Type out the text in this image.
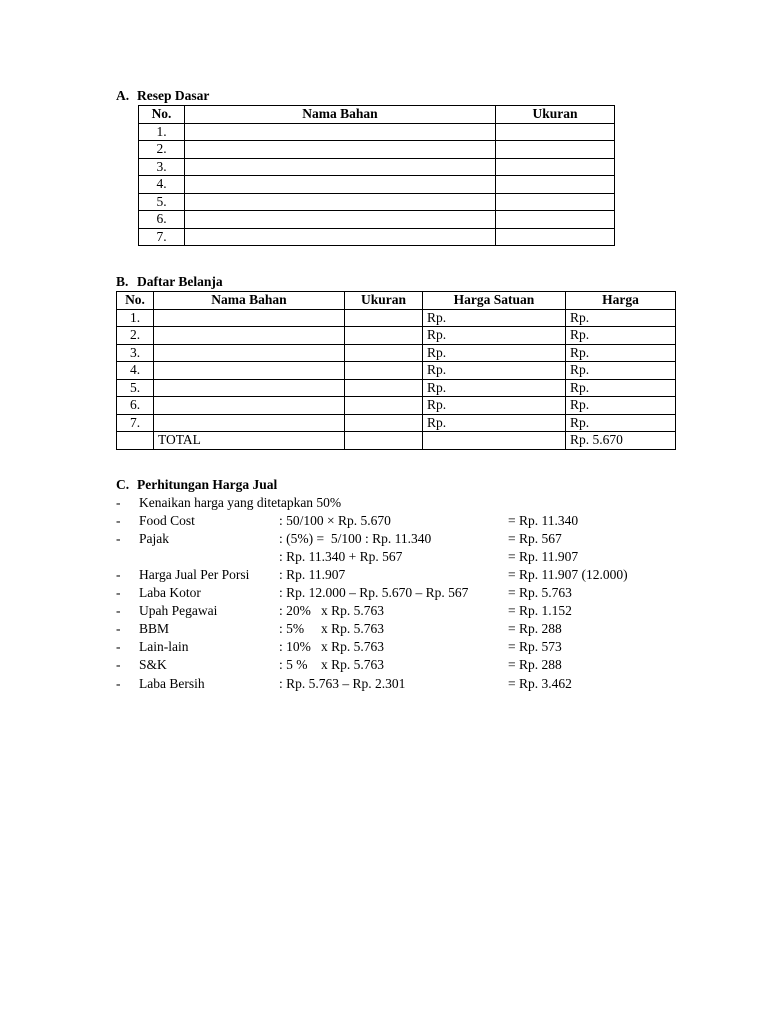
A. Resep Dasar
No.	Nama Bahan	Ukuran
1.		
2.		
3.		
4.		
5.		
6.		
7.		
B. Daftar Belanja
No.	Nama Bahan	Ukuran	Harga Satuan	Harga
1.			Rp.	Rp.
2.			Rp.	Rp.
3.			Rp.	Rp.
4.			Rp.	Rp.
5.			Rp.	Rp.
6.			Rp.	Rp.
7.			Rp.	Rp.
	TOTAL			Rp. 5.670
C. Perhitungan Harga Jual
- Kenaikan harga yang ditetapkan 50%
- Food Cost	: 50/100 × Rp. 5.670	= Rp. 11.340
- Pajak	: (5%) =  5/100 : Rp. 11.340	= Rp. 567
: Rp. 11.340 + Rp. 567	= Rp. 11.907
- Harga Jual Per Porsi : Rp. 11.907	= Rp. 11.907 (12.000)
- Laba Kotor	: Rp. 12.000 – Rp. 5.670 – Rp. 567	= Rp. 5.763
- Upah Pegawai	: 20%   x Rp. 5.763	= Rp. 1.152
- BBM	: 5%     x Rp. 5.763	= Rp. 288
- Lain-lain	: 10%   x Rp. 5.763	= Rp. 573
- S&K	: 5 %    x Rp. 5.763	= Rp. 288
- Laba Bersih	: Rp. 5.763 – Rp. 2.301	= Rp. 3.462
